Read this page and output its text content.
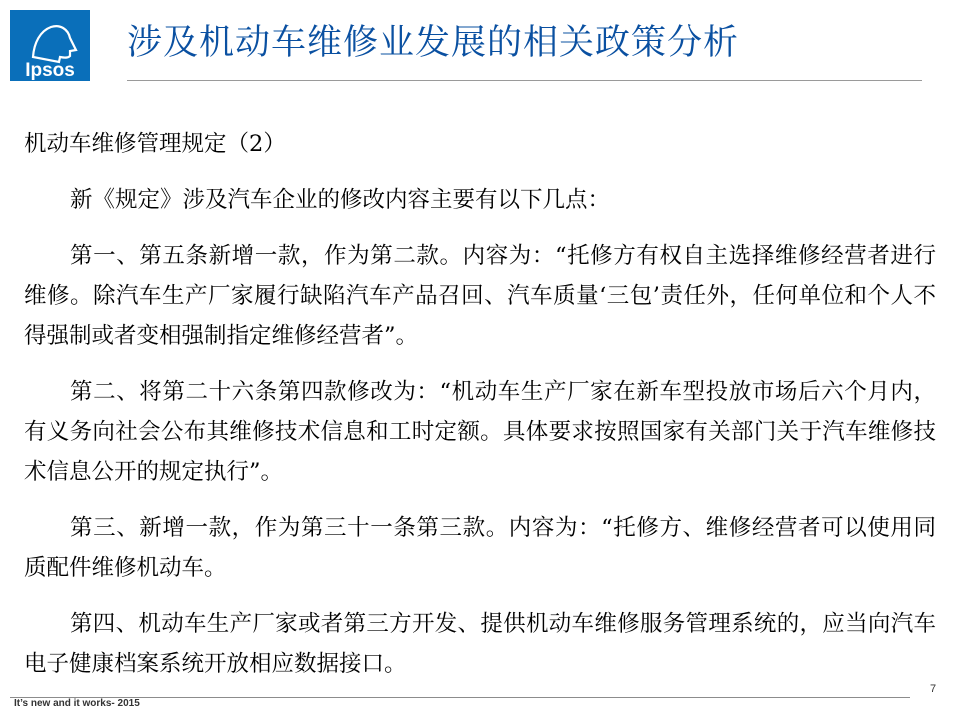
Ipsos
涉及机动车维修业发展的相关政策分析

机动车维修管理规定（2）

新《规定》涉及汽车企业的修改内容主要有以下几点：

第一、第五条新增一款，作为第二款。内容为：“托修方有权自主选择维修经营者进行维修。除汽车生产厂家履行缺陷汽车产品召回、汽车质量‘三包’责任外，任何单位和个人不得强制或者变相强制指定维修经营者”。

第二、将第二十六条第四款修改为：“机动车生产厂家在新车型投放市场后六个月内，有义务向社会公布其维修技术信息和工时定额。具体要求按照国家有关部门关于汽车维修技术信息公开的规定执行”。

第三、新增一款，作为第三十一条第三款。内容为：“托修方、维修经营者可以使用同质配件维修机动车。

第四、机动车生产厂家或者第三方开发、提供机动车维修服务管理系统的，应当向汽车电子健康档案系统开放相应数据接口。

It’s new and it works- 2015
7
